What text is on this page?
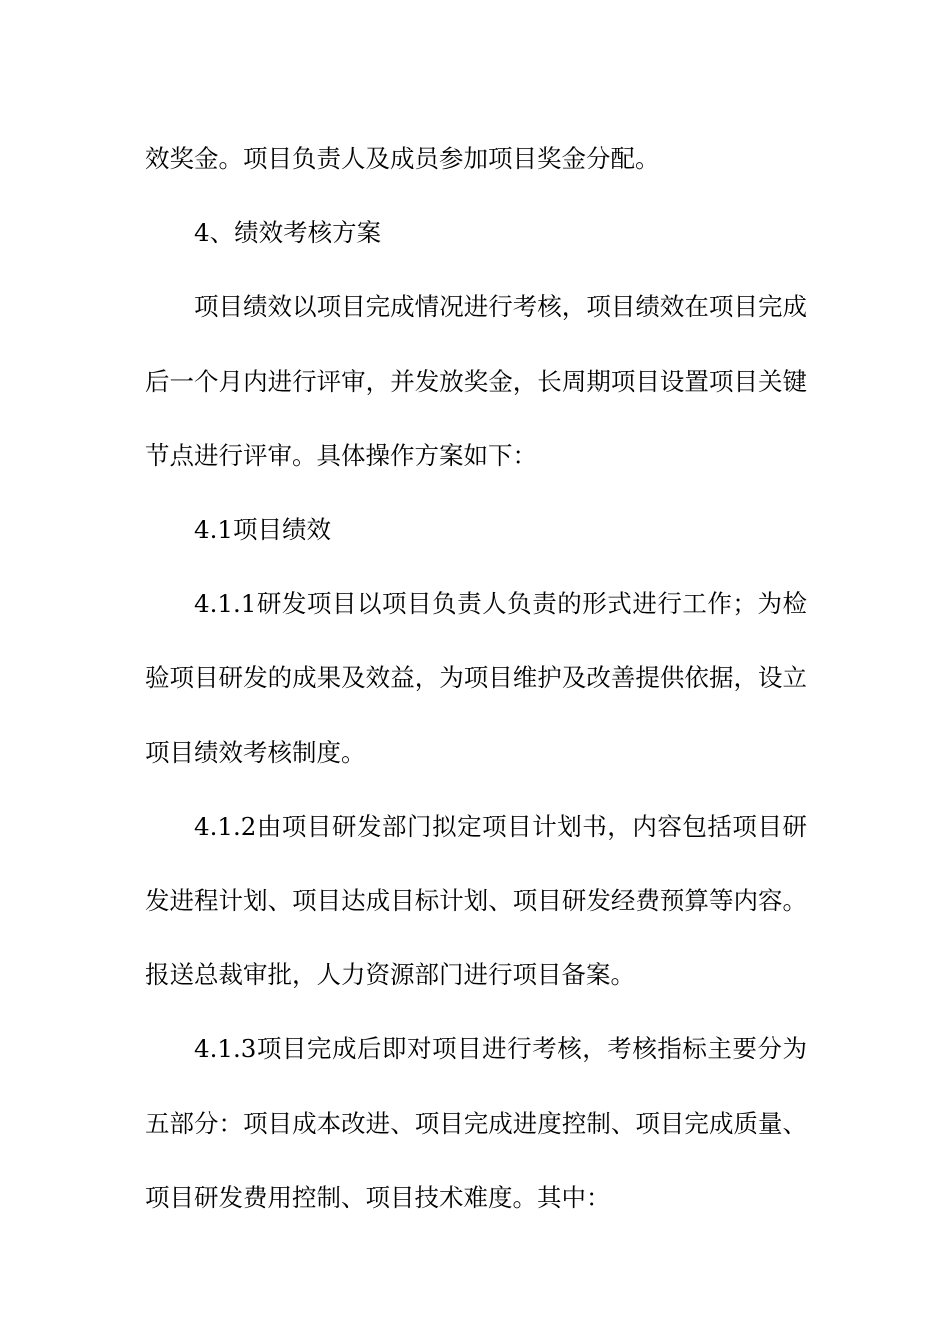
效奖金。项目负责人及成员参加项目奖金分配。

4、绩效考核方案

项目绩效以项目完成情况进行考核，项目绩效在项目完成后一个月内进行评审，并发放奖金，长周期项目设置项目关键节点进行评审。具体操作方案如下：

4.1项目绩效

4.1.1研发项目以项目负责人负责的形式进行工作；为检验项目研发的成果及效益，为项目维护及改善提供依据，设立项目绩效考核制度。

4.1.2由项目研发部门拟定项目计划书，内容包括项目研发进程计划、项目达成目标计划、项目研发经费预算等内容。报送总裁审批，人力资源部门进行项目备案。

4.1.3项目完成后即对项目进行考核，考核指标主要分为五部分：项目成本改进、项目完成进度控制、项目完成质量、项目研发费用控制、项目技术难度。其中：
